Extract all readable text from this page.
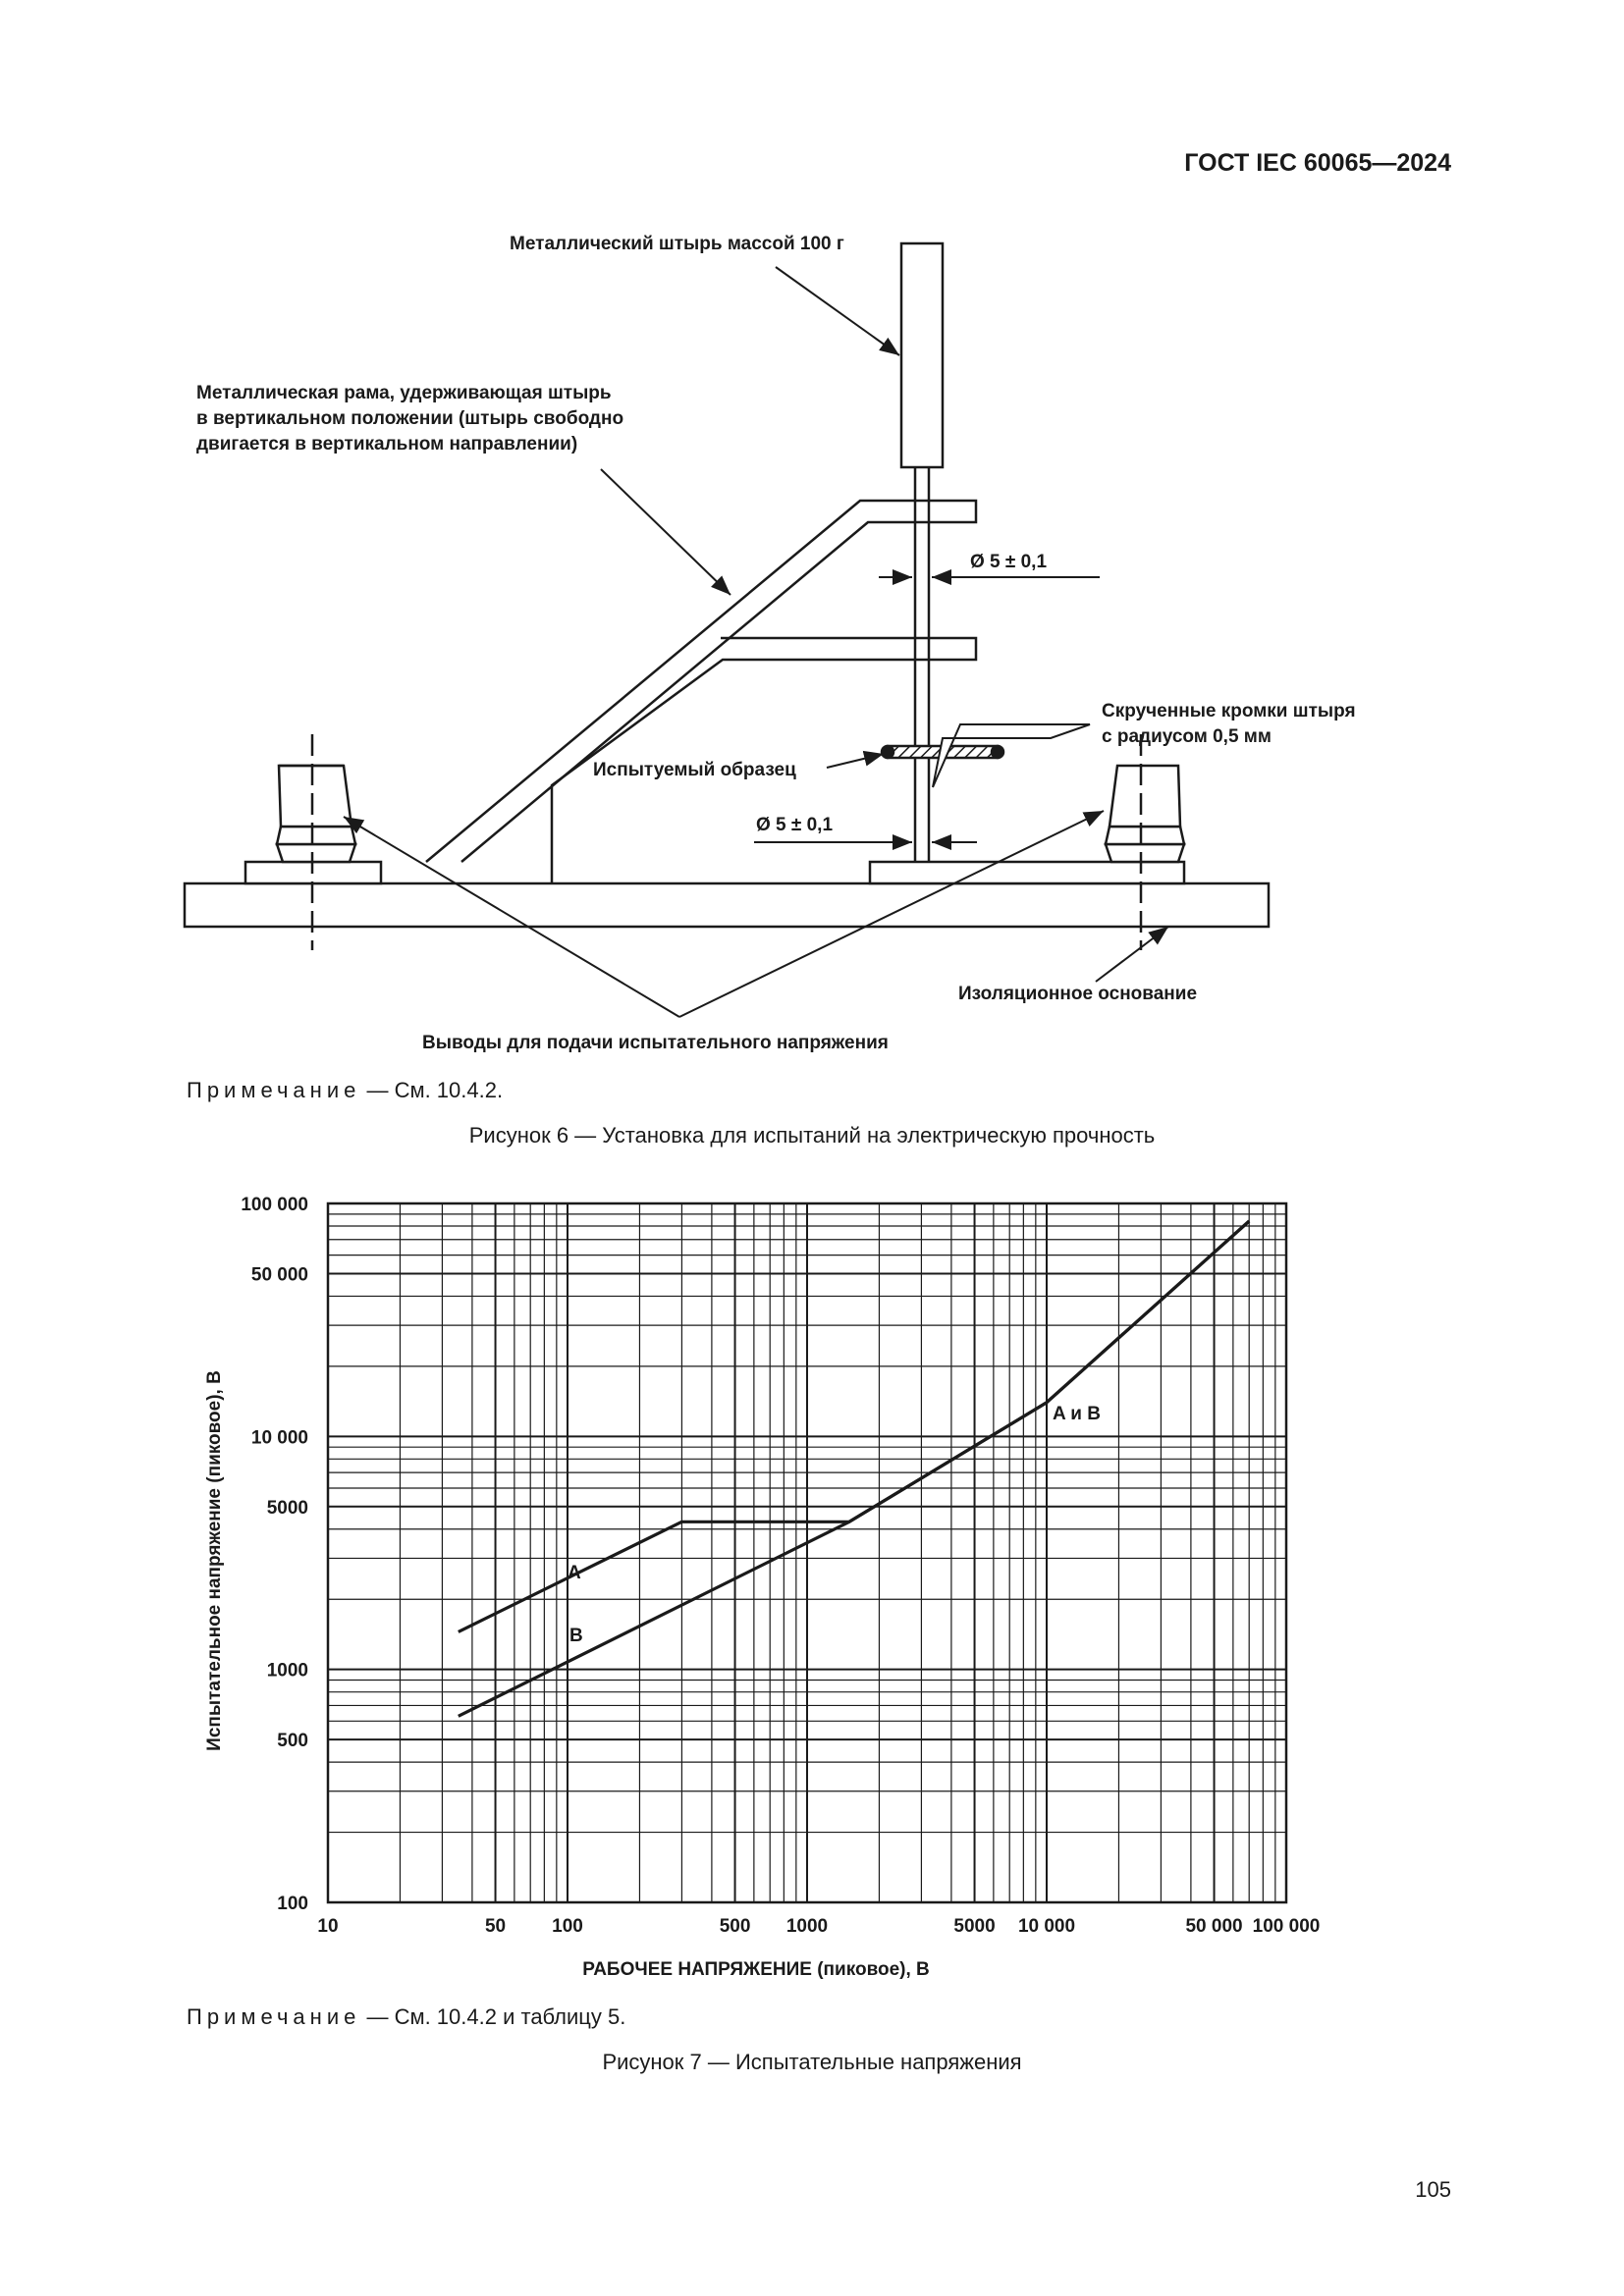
ГОСТ IEC 60065—2024
Металлический штырь массой 100 г
Металлическая рама, удерживающая штырь
в вертикальном положении (штырь свободно
двигается в вертикальном направлении)
Ø 5 ± 0,1
Скрученные кромки штыря
с радиусом 0,5 мм
Испытуемый образец
Ø 5 ± 0,1
Изоляционное основание
Выводы для подачи испытательного напряжения
Примечание — См. 10.4.2.
Рисунок 6 — Установка для испытаний на электрическую прочность
10	50 100	500 1000	5000 10 000	50 000 100 000
100
500
1000
5000
10 000
50 000
100 000
Испытательное напряжение (пиковое), В
РАБОЧЕЕ НАПРЯЖЕНИЕ (пиковое), В
A
B
A и B
Примечание — См. 10.4.2 и таблицу 5.
Рисунок 7 — Испытательные напряжения
105
